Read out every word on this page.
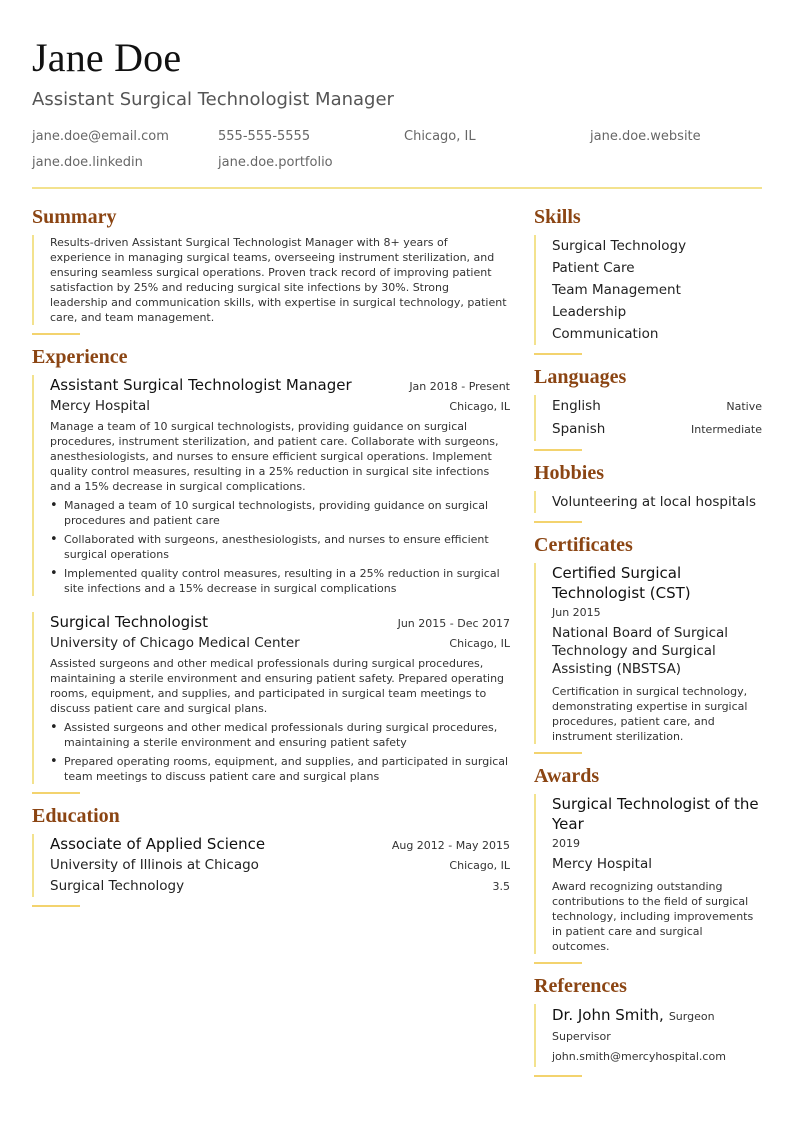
Jane Doe
Assistant Surgical Technologist Manager
jane.doe@email.com	555-555-5555	Chicago, IL	jane.doe.website
jane.doe.linkedin	jane.doe.portfolio
Summary
Results-driven Assistant Surgical Technologist Manager with 8+ years of experience in managing surgical teams, overseeing instrument sterilization, and ensuring seamless surgical operations. Proven track record of improving patient satisfaction by 25% and reducing surgical site infections by 30%. Strong leadership and communication skills, with expertise in surgical technology, patient care, and team management.
Experience
Assistant Surgical Technologist Manager	Jan 2018 - Present
Mercy Hospital	Chicago, IL
Manage a team of 10 surgical technologists, providing guidance on surgical procedures, instrument sterilization, and patient care. Collaborate with surgeons, anesthesiologists, and nurses to ensure efficient surgical operations. Implement quality control measures, resulting in a 25% reduction in surgical site infections and a 15% decrease in surgical complications.
• Managed a team of 10 surgical technologists, providing guidance on surgical procedures and patient care
• Collaborated with surgeons, anesthesiologists, and nurses to ensure efficient surgical operations
• Implemented quality control measures, resulting in a 25% reduction in surgical site infections and a 15% decrease in surgical complications
Surgical Technologist	Jun 2015 - Dec 2017
University of Chicago Medical Center	Chicago, IL
Assisted surgeons and other medical professionals during surgical procedures, maintaining a sterile environment and ensuring patient safety. Prepared operating rooms, equipment, and supplies, and participated in surgical team meetings to discuss patient care and surgical plans.
• Assisted surgeons and other medical professionals during surgical procedures, maintaining a sterile environment and ensuring patient safety
• Prepared operating rooms, equipment, and supplies, and participated in surgical team meetings to discuss patient care and surgical plans
Education
Associate of Applied Science	Aug 2012 - May 2015
University of Illinois at Chicago	Chicago, IL
Surgical Technology	3.5
Skills
Surgical Technology
Patient Care
Team Management
Leadership
Communication
Languages
English	Native
Spanish	Intermediate
Hobbies
Volunteering at local hospitals
Certificates
Certified Surgical Technologist (CST)
Jun 2015
National Board of Surgical Technology and Surgical Assisting (NBSTSA)
Certification in surgical technology, demonstrating expertise in surgical procedures, patient care, and instrument sterilization.
Awards
Surgical Technologist of the Year
2019
Mercy Hospital
Award recognizing outstanding contributions to the field of surgical technology, including improvements in patient care and surgical outcomes.
References
Dr. John Smith, Surgeon
Supervisor
john.smith@mercyhospital.com
